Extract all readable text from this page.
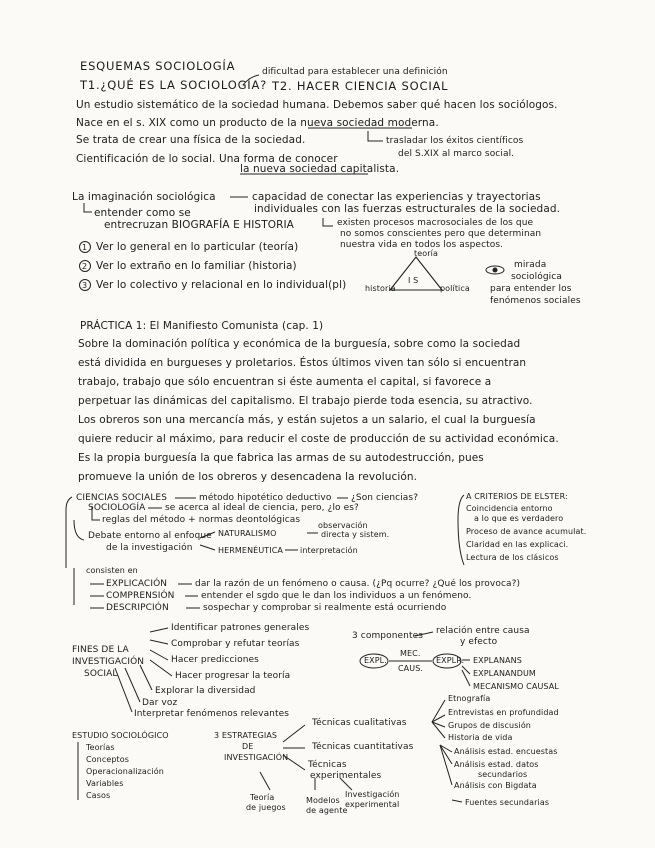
ESQUEMAS SOCIOLOGÍA	dificultad para establecer una definición
T1.¿QUÉ ES LA SOCIOLOGÍA? T2. HACER CIENCIA SOCIAL
Un estudio sistemático de la sociedad humana. Debemos saber qué hacen los sociólogos.
Nace en el s. XIX como un producto de la nueva sociedad moderna.
Se trata de crear una física de la sociedad.	trasladar los éxitos científicos
del S.XIX al marco social.
Cientificación de lo social. Una forma de conocer
la nueva sociedad capitalista.
La imaginación sociológica	capacidad de conectar las experiencias y trayectorias
individuales con las fuerzas estructurales de la sociedad.
entender como se
entrecruzan BIOGRAFÍA E HISTORIA	existen procesos macrosociales de los que
no somos conscientes pero que determinan
nuestra vida en todos los aspectos.
1
2
3
Ver lo general en lo particular (teoría)
Ver lo extraño en lo familiar (historia)
Ver lo colectivo y relacional en lo individual(pl)
teoría
I S
historia	política
mirada
sociológica
para entender los
fenómenos sociales
PRÁCTICA 1: El Manifiesto Comunista (cap. 1)
Sobre la dominación política y económica de la burguesía, sobre como la sociedad
está dividida en burgueses y proletarios. Éstos últimos viven tan sólo si encuentran
trabajo, trabajo que sólo encuentran si éste aumenta el capital, si favorece a
perpetuar las dinámicas del capitalismo. El trabajo pierde toda esencia, su atractivo.
Los obreros son una mercancía más, y están sujetos a un salario, el cual la burguesía
quiere reducir al máximo, para reducir el coste de producción de su actividad económica.
Es la propia burguesía la que fabrica las armas de su autodestrucción, pues
promueve la unión de los obreros y desencadena la revolución.
CIENCIAS SOCIALES	método hipotético deductivo ¿Son ciencias?
SOCIOLOGÍA se acerca al ideal de ciencia, pero, ¿lo es?
reglas del método + normas deontológicas
Debate entorno al enfoque
de la investigación
NATURALISMO
observación
directa y sistem.
HERMENÉUTICA interpretación
A CRITERIOS DE ELSTER:
Coincidencia entorno
a lo que es verdadero
Proceso de avance acumulat.
Claridad en las explicaci.
Lectura de los clásicos
consisten en
EXPLICACIÓN	dar la razón de un fenómeno o causa. (¿Pq ocurre? ¿Qué los provoca?)
COMPRENSIÓN	entender el sgdo que le dan los individuos a un fenómeno.
DESCRIPCIÓN	sospechar y comprobar si realmente está ocurriendo
FINES DE LA
INVESTIGACIÓN
SOCIAL
Identificar patrones generales
Comprobar y refutar teorías
Hacer predicciones
Hacer progresar la teoría
Explorar la diversidad
Dar voz
Interpretar fenómenos relevantes
3 componentes relación entre causa
y efecto
EXPL.
MEC.
CAUS.
EXPLR. EXPLANANS
EXPLANANDUM
MECANISMO CAUSAL
ESTUDIO SOCIOLÓGICO
Teorías
Conceptos
Operacionalización
Variables
Casos
3 ESTRATEGIAS
DE
INVESTIGACIÓN
Técnicas cualitativas
Técnicas cuantitativas
Técnicas
experimentales
Teoría
de juegos
Modelos
de agente
Investigación
experimental
Etnografía
Entrevistas en profundidad
Grupos de discusión
Historia de vida
Análisis estad. encuestas
Análisis estad. datos
secundarios
Análisis con Bigdata
Fuentes secundarias
